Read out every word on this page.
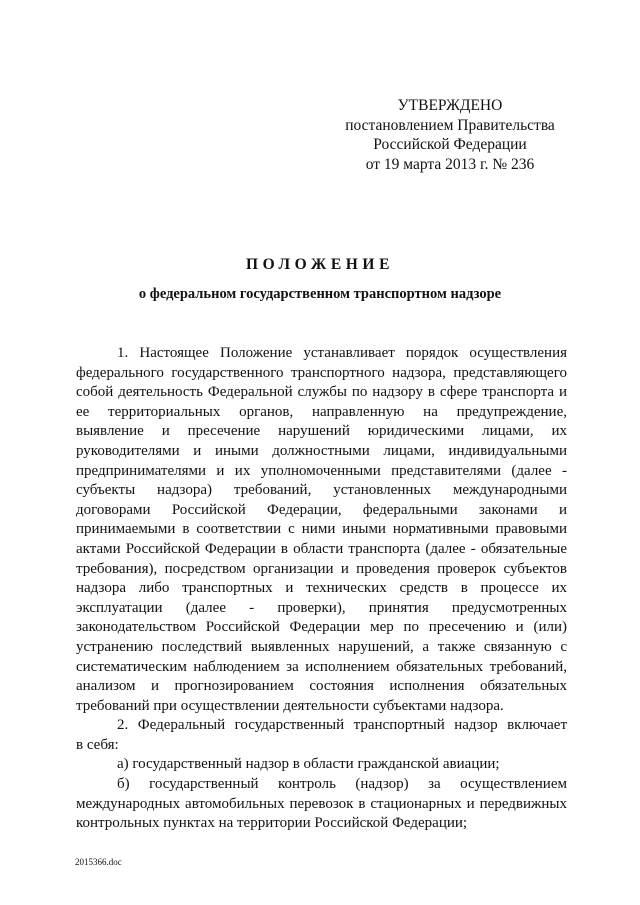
УТВЕРЖДЕНО
постановлением Правительства
Российской Федерации
от 19 марта 2013 г. № 236
ПОЛОЖЕНИЕ
о федеральном государственном транспортном надзоре
1. Настоящее Положение устанавливает порядок осуществления
федерального государственного транспортного надзора, представляющего
собой деятельность Федеральной службы по надзору в сфере транспорта и
ее территориальных органов, направленную на предупреждение,
выявление и пресечение нарушений юридическими лицами, их
руководителями и иными должностными лицами, индивидуальными
предпринимателями и их уполномоченными представителями (далее -
субъекты надзора) требований, установленных международными
договорами Российской Федерации, федеральными законами и
принимаемыми в соответствии с ними иными нормативными правовыми
актами Российской Федерации в области транспорта (далее - обязательные
требования), посредством организации и проведения проверок субъектов
надзора либо транспортных и технических средств в процессе их
эксплуатации (далее - проверки), принятия предусмотренных
законодательством Российской Федерации мер по пресечению и (или)
устранению последствий выявленных нарушений, а также связанную с
систематическим наблюдением за исполнением обязательных требований,
анализом и прогнозированием состояния исполнения обязательных
требований при осуществлении деятельности субъектами надзора.
2. Федеральный государственный транспортный надзор включает
в себя:
а) государственный надзор в области гражданской авиации;
б) государственный контроль (надзор) за осуществлением
международных автомобильных перевозок в стационарных и передвижных
контрольных пунктах на территории Российской Федерации;
2015366.doc
